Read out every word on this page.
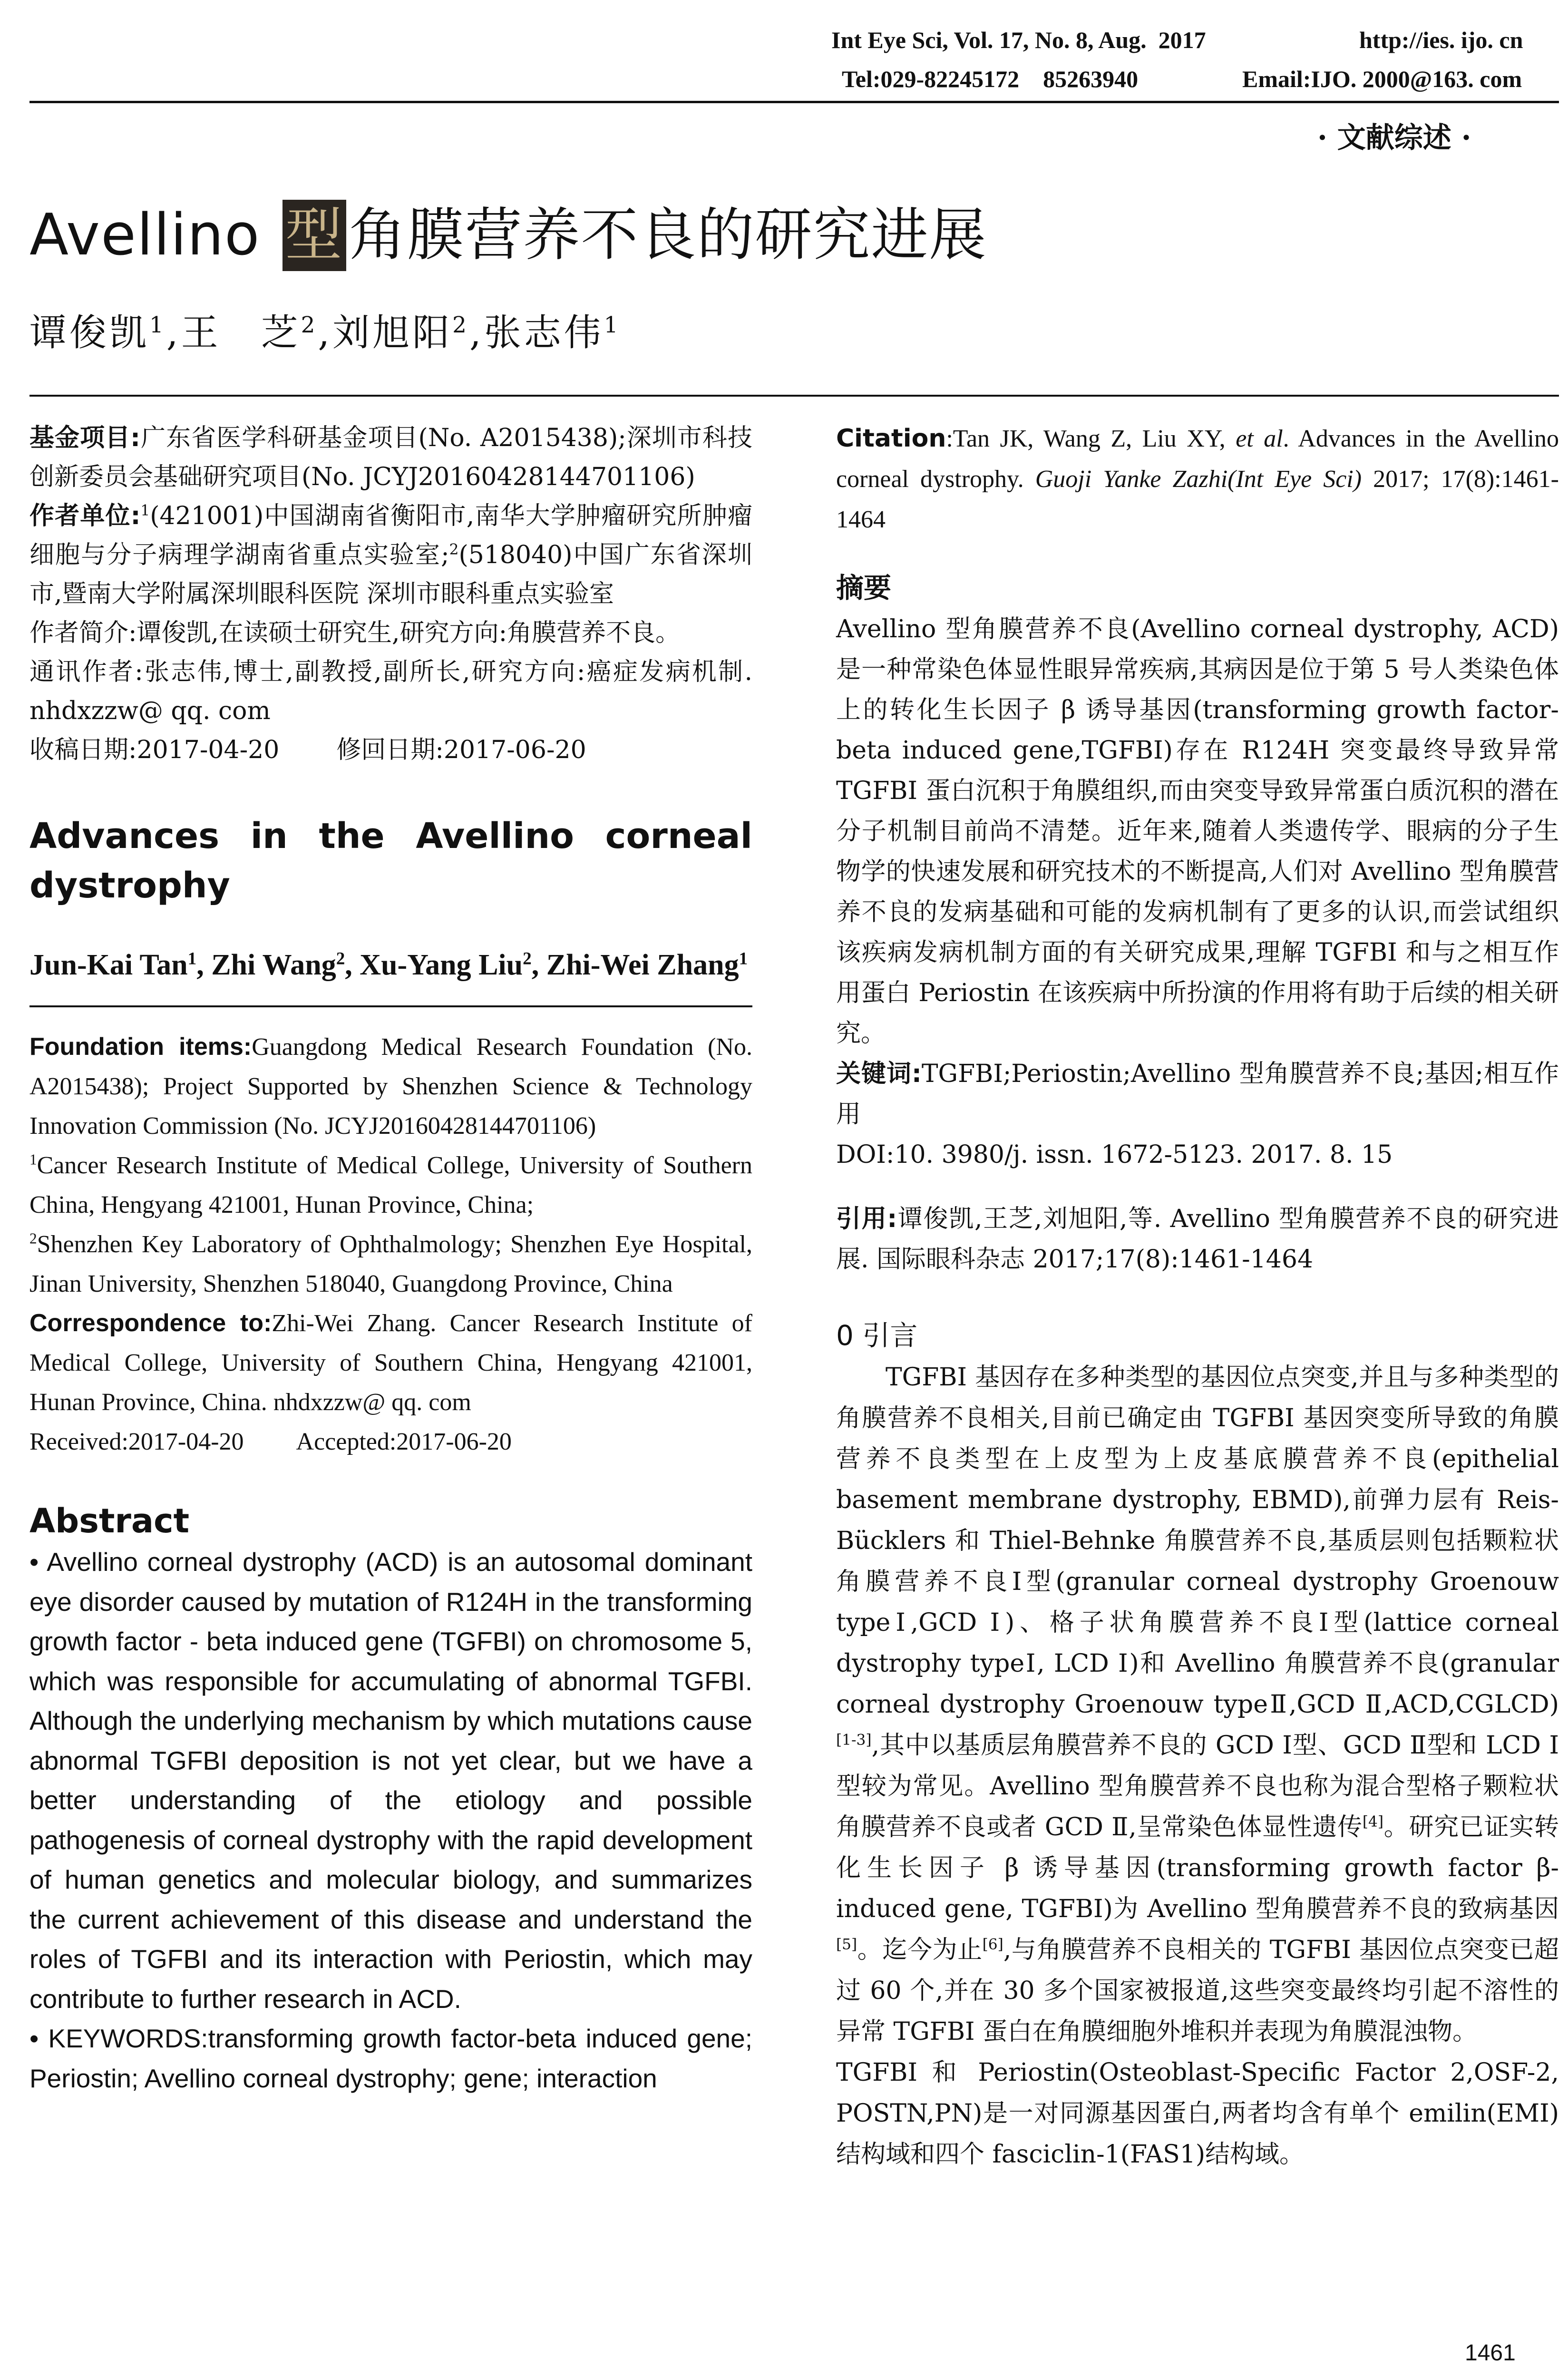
Int Eye Sci, Vol. 17, No. 8, Aug.  2017	http://ies. ijo. cn
Tel:029-82245172    85263940	Email:IJO. 2000@163. com
· 文献综述 ·
Avellino 型 角膜营养不良的研究进展
谭俊凯$^1$,王　芝$^2$,刘旭阳$^2$,张志伟$^1$

基金项目:广东省医学科研基金项目(No. A2015438);深圳市科技创新委员会基础研究项目(No. JCYJ20160428144701106)

作者单位:$^1$(421001)中国湖南省衡阳市,南华大学肿瘤研究所肿瘤细胞与分子病理学湖南省重点实验室;$^2$(518040)中国广东省深圳市,暨南大学附属深圳眼科医院 深圳市眼科重点实验室

作者简介:谭俊凯,在读硕士研究生,研究方向:角膜营养不良。

通讯作者:张志伟,博士,副教授,副所长,研究方向:癌症发病机制. nhdxzzw@ qq. com

收稿日期:2017-04-20 修回日期:2017-06-20

Advances in the Avellino corneal dystrophy

Jun-Kai Tan$^1$, Zhi Wang$^2$, Xu-Yang Liu$^2$, Zhi-Wei Zhang$^1$

Foundation items:Guangdong Medical Research Foundation (No. A2015438); Project Supported by Shenzhen Science & Technology Innovation Commission (No. JCYJ20160428144701106)

$^1$Cancer Research Institute of Medical College, University of Southern China, Hengyang 421001, Hunan Province, China;

$^2$Shenzhen Key Laboratory of Ophthalmology; Shenzhen Eye Hospital, Jinan University, Shenzhen 518040, Guangdong Province, China

Correspondence to:Zhi-Wei Zhang. Cancer Research Institute of Medical College, University of Southern China, Hengyang 421001, Hunan Province, China. nhdxzzw@ qq. com

Received:2017-04-20 Accepted:2017-06-20

Abstract

• Avellino corneal dystrophy (ACD) is an autosomal dominant eye disorder caused by mutation of R124H in the transforming growth factor - beta induced gene (TGFBI) on chromosome 5, which was responsible for accumulating of abnormal TGFBI. Although the underlying mechanism by which mutations cause abnormal TGFBI deposition is not yet clear, but we have a better understanding of the etiology and possible pathogenesis of corneal dystrophy with the rapid development of human genetics and molecular biology, and summarizes the current achievement of this disease and understand the roles of TGFBI and its interaction with Periostin, which may contribute to further research in ACD.

• KEYWORDS:transforming growth factor-beta induced gene; Periostin; Avellino corneal dystrophy; gene; interaction

Citation:Tan JK, Wang Z, Liu XY, et al. Advances in the Avellino corneal dystrophy. Guoji Yanke Zazhi(Int Eye Sci) 2017; 17(8):1461-1464

摘要

Avellino 型角膜营养不良(Avellino corneal dystrophy, ACD)是一种常染色体显性眼异常疾病,其病因是位于第 5 号人类染色体上的转化生长因子 β 诱导基因(transforming growth factor-beta induced gene,TGFBI)存在 R124H 突变最终导致异常 TGFBI 蛋白沉积于角膜组织,而由突变导致异常蛋白质沉积的潜在分子机制目前尚不清楚。近年来,随着人类遗传学、眼病的分子生物学的快速发展和研究技术的不断提高,人们对 Avellino 型角膜营养不良的发病基础和可能的发病机制有了更多的认识,而尝试组织该疾病发病机制方面的有关研究成果,理解 TGFBI 和与之相互作用蛋白 Periostin 在该疾病中所扮演的作用将有助于后续的相关研究。

关键词:TGFBI;Periostin;Avellino 型角膜营养不良;基因;相互作用

DOI:10. 3980/j. issn. 1672-5123. 2017. 8. 15

引用:谭俊凯,王芝,刘旭阳,等. Avellino 型角膜营养不良的研究进展. 国际眼科杂志 2017;17(8):1461-1464

0 引言

TGFBI 基因存在多种类型的基因位点突变,并且与多种类型的角膜营养不良相关,目前已确定由 TGFBI 基因突变所导致的角膜营养不良类型在上皮型为上皮基底膜营养不良(epithelial basement membrane dystrophy, EBMD),前弹力层有 Reis-Bücklers 和 Thiel-Behnke 角膜营养不良,基质层则包括颗粒状角膜营养不良Ⅰ型(granular corneal dystrophy Groenouw typeⅠ,GCD Ⅰ)、格子状角膜营养不良Ⅰ型(lattice corneal dystrophy typeⅠ, LCD Ⅰ)和 Avellino 角膜营养不良(granular corneal dystrophy Groenouw typeⅡ,GCD Ⅱ,ACD,CGLCD)[1-3],其中以基质层角膜营养不良的 GCD Ⅰ型、GCD Ⅱ型和 LCD Ⅰ型较为常见。Avellino 型角膜营养不良也称为混合型格子颗粒状角膜营养不良或者 GCD Ⅱ,呈常染色体显性遗传[4]。研究已证实转化生长因子 β 诱导基因(transforming growth factor β-induced gene, TGFBI)为 Avellino 型角膜营养不良的致病基因[5]。迄今为止[6],与角膜营养不良相关的 TGFBI 基因位点突变已超过 60 个,并在 30 多个国家被报道,这些突变最终均引起不溶性的异常 TGFBI 蛋白在角膜细胞外堆积并表现为角膜混浊物。

TGFBI 和 Periostin(Osteoblast-Specific Factor 2,OSF-2, POSTN,PN)是一对同源基因蛋白,两者均含有单个 emilin(EMI)结构域和四个 fasciclin-1(FAS1)结构域。

1461
